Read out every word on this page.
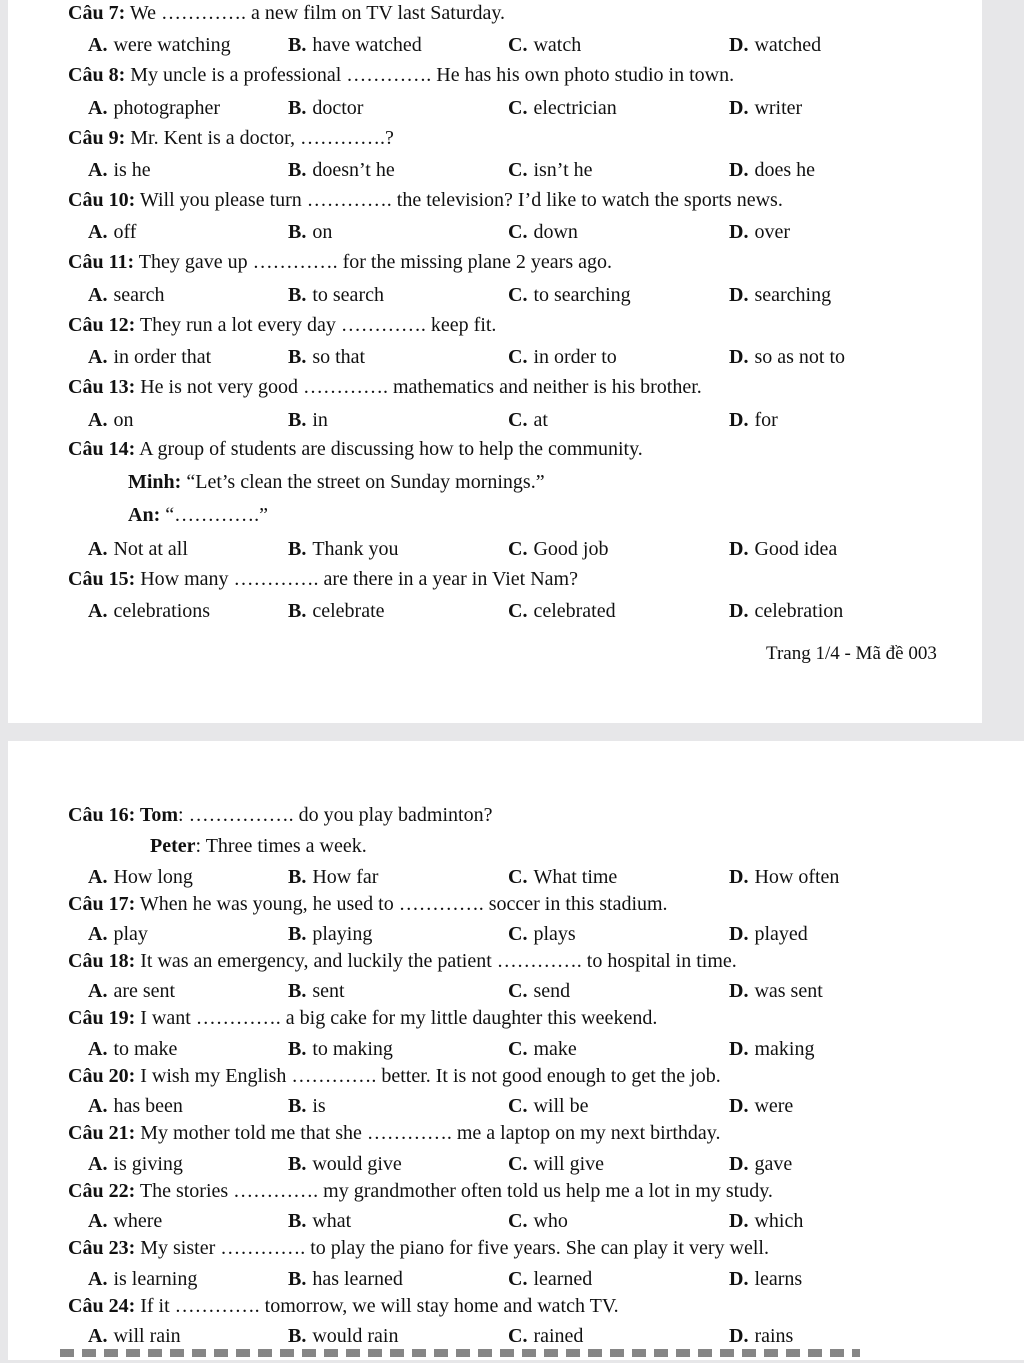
Câu 7: We …………. a new film on TV last Saturday.
A. were watching	B. have watched	C. watch	D. watched
Câu 8: My uncle is a professional …………. He has his own photo studio in town.
A. photographer	B. doctor	C. electrician	D. writer
Câu 9: Mr. Kent is a doctor, ………….?
A. is he	B. doesn’t he	C. isn’t he	D. does he
Câu 10: Will you please turn …………. the television? I’d like to watch the sports news.
A. off	B. on	C. down	D. over
Câu 11: They gave up …………. for the missing plane 2 years ago.
A. search	B. to search	C. to searching	D. searching
Câu 12: They run a lot every day …………. keep fit.
A. in order that	B. so that	C. in order to	D. so as not to
Câu 13: He is not very good …………. mathematics and neither is his brother.
A. on	B. in	C. at	D. for
Câu 14: A group of students are discussing how to help the community.
Minh: “Let’s clean the street on Sunday mornings.”
An: “………….”
A. Not at all	B. Thank you	C. Good job	D. Good idea
Câu 15: How many …………. are there in a year in Viet Nam?
A. celebrations	B. celebrate	C. celebrated	D. celebration
Trang 1/4 - Mã đề 003
Câu 16: Tom: ……………. do you play badminton?
Peter: Three times a week.
A. How long	B. How far	C. What time	D. How often
Câu 17: When he was young, he used to …………. soccer in this stadium.
A. play	B. playing	C. plays	D. played
Câu 18: It was an emergency, and luckily the patient …………. to hospital in time.
A. are sent	B. sent	C. send	D. was sent
Câu 19: I want …………. a big cake for my little daughter this weekend.
A. to make	B. to making	C. make	D. making
Câu 20: I wish my English …………. better. It is not good enough to get the job.
A. has been	B. is	C. will be	D. were
Câu 21: My mother told me that she …………. me a laptop on my next birthday.
A. is giving	B. would give	C. will give	D. gave
Câu 22: The stories …………. my grandmother often told us help me a lot in my study.
A. where	B. what	C. who	D. which
Câu 23: My sister …………. to play the piano for five years. She can play it very well.
A. is learning	B. has learned	C. learned	D. learns
Câu 24: If it …………. tomorrow, we will stay home and watch TV.
A. will rain	B. would rain	C. rained	D. rains
